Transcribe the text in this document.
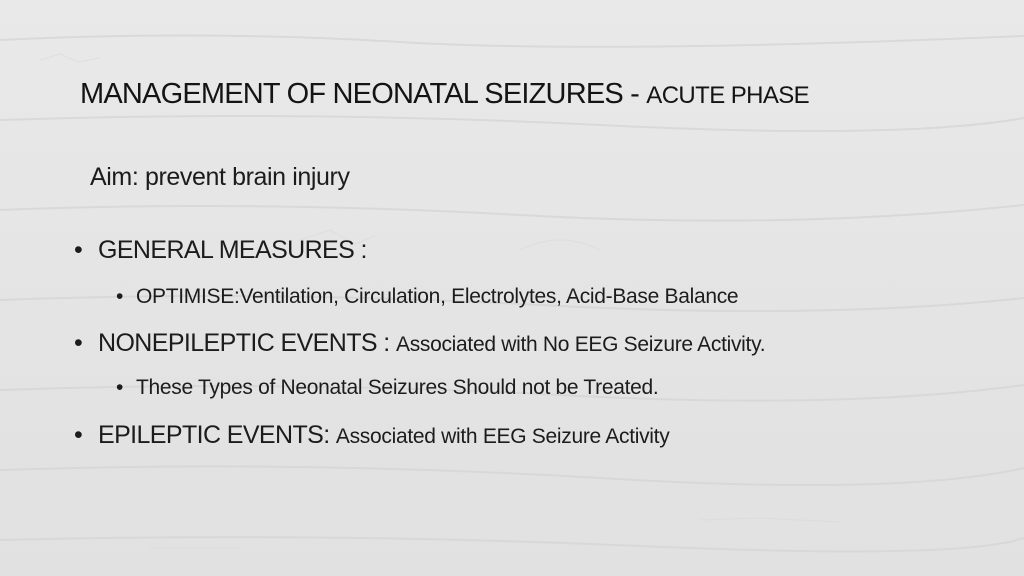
MANAGEMENT OF NEONATAL SEIZURES - ACUTE PHASE
Aim: prevent brain injury
• GENERAL MEASURES :
• OPTIMISE:Ventilation, Circulation, Electrolytes, Acid-Base Balance
• NONEPILEPTIC EVENTS : Associated with No EEG Seizure Activity.
• These Types of Neonatal Seizures Should not be Treated.
• EPILEPTIC EVENTS: Associated with EEG Seizure Activity
